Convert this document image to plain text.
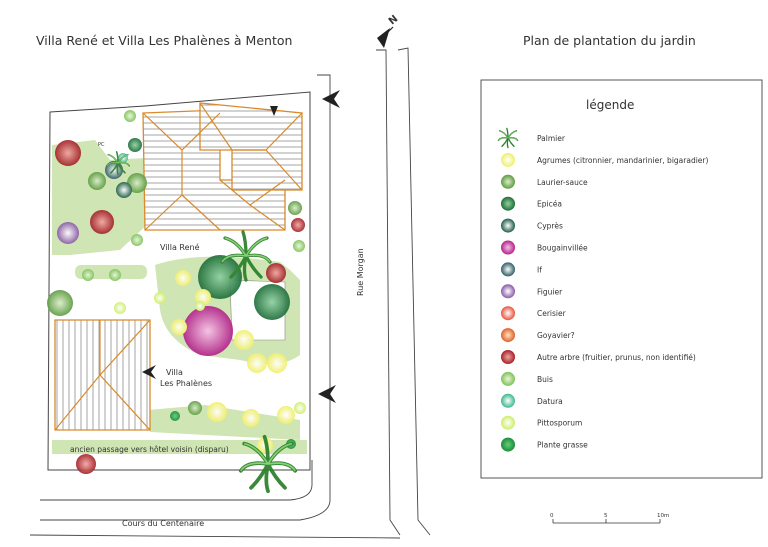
Villa René et Villa Les Phalènes à Menton	Plan de plantation du jardin
N
Rue Morgan
Cours du Centenaire
Villa René
Villa
Les Phalènes
ancien passage vers hôtel voisin (disparu)
PC
légende
Palmier
Agrumes (citronnier, mandarinier, bigaradier)
Laurier-sauce
Epicéa
Cyprès
Bougainvillée
If
Figuier
Cerisier
Goyavier?
Autre arbre (fruitier, prunus, non identifié)
Buis
Datura
Pittosporum
Plante grasse
0	5	10m
